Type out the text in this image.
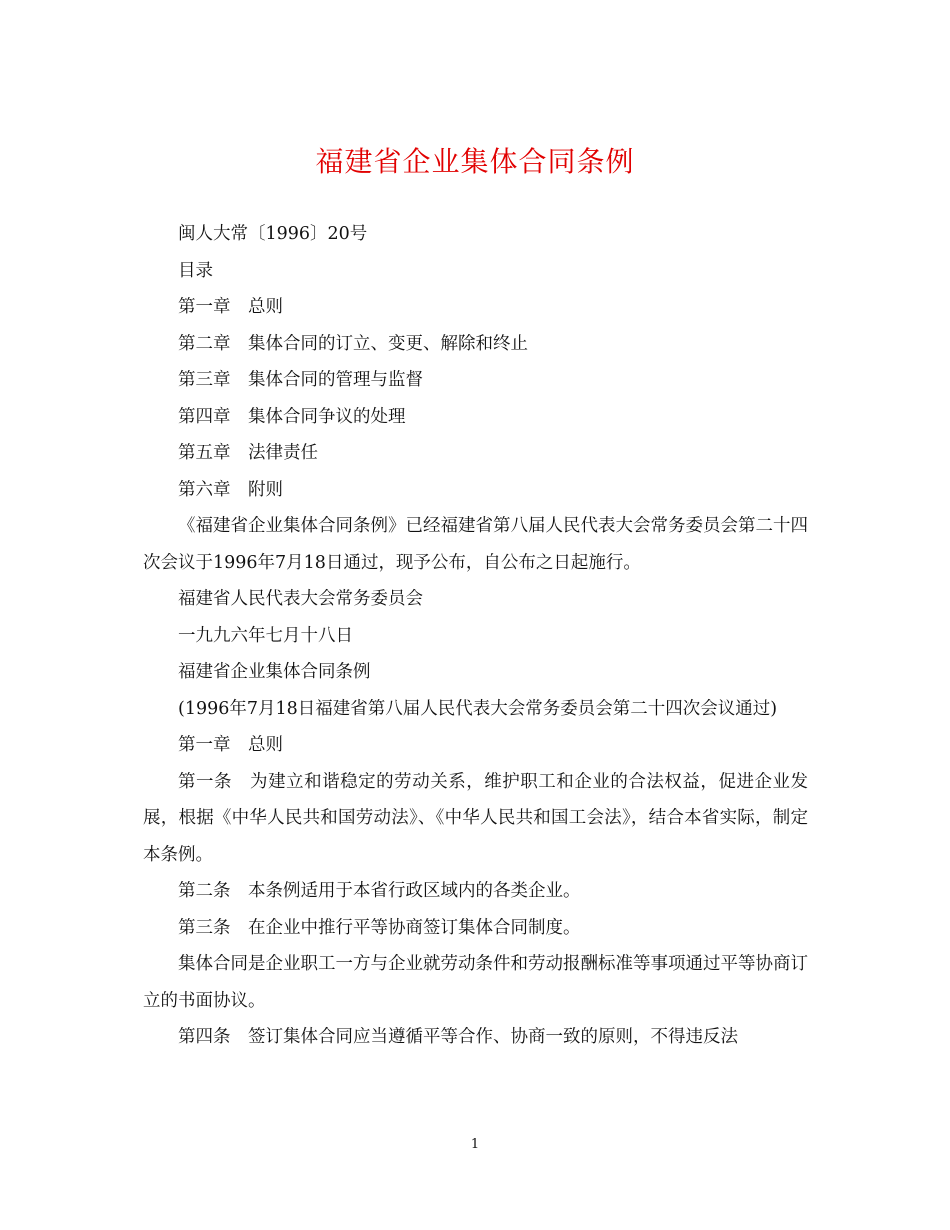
福建省企业集体合同条例

闽人大常〔1996〕20号

目录

第一章　总则

第二章　集体合同的订立、变更、解除和终止

第三章　集体合同的管理与监督

第四章　集体合同争议的处理

第五章　法律责任

第六章　附则

《福建省企业集体合同条例》已经福建省第八届人民代表大会常务委员会第二十四次会议于1996年7月18日通过，现予公布，自公布之日起施行。

福建省人民代表大会常务委员会

一九九六年七月十八日

福建省企业集体合同条例

(1996年7月18日福建省第八届人民代表大会常务委员会第二十四次会议通过)

第一章　总则

第一条　为建立和谐稳定的劳动关系，维护职工和企业的合法权益，促进企业发展，根据《中华人民共和国劳动法》、《中华人民共和国工会法》，结合本省实际，制定本条例。

第二条　本条例适用于本省行政区域内的各类企业。

第三条　在企业中推行平等协商签订集体合同制度。

集体合同是企业职工一方与企业就劳动条件和劳动报酬标准等事项通过平等协商订立的书面协议。

第四条　签订集体合同应当遵循平等合作、协商一致的原则，不得违反法

1
